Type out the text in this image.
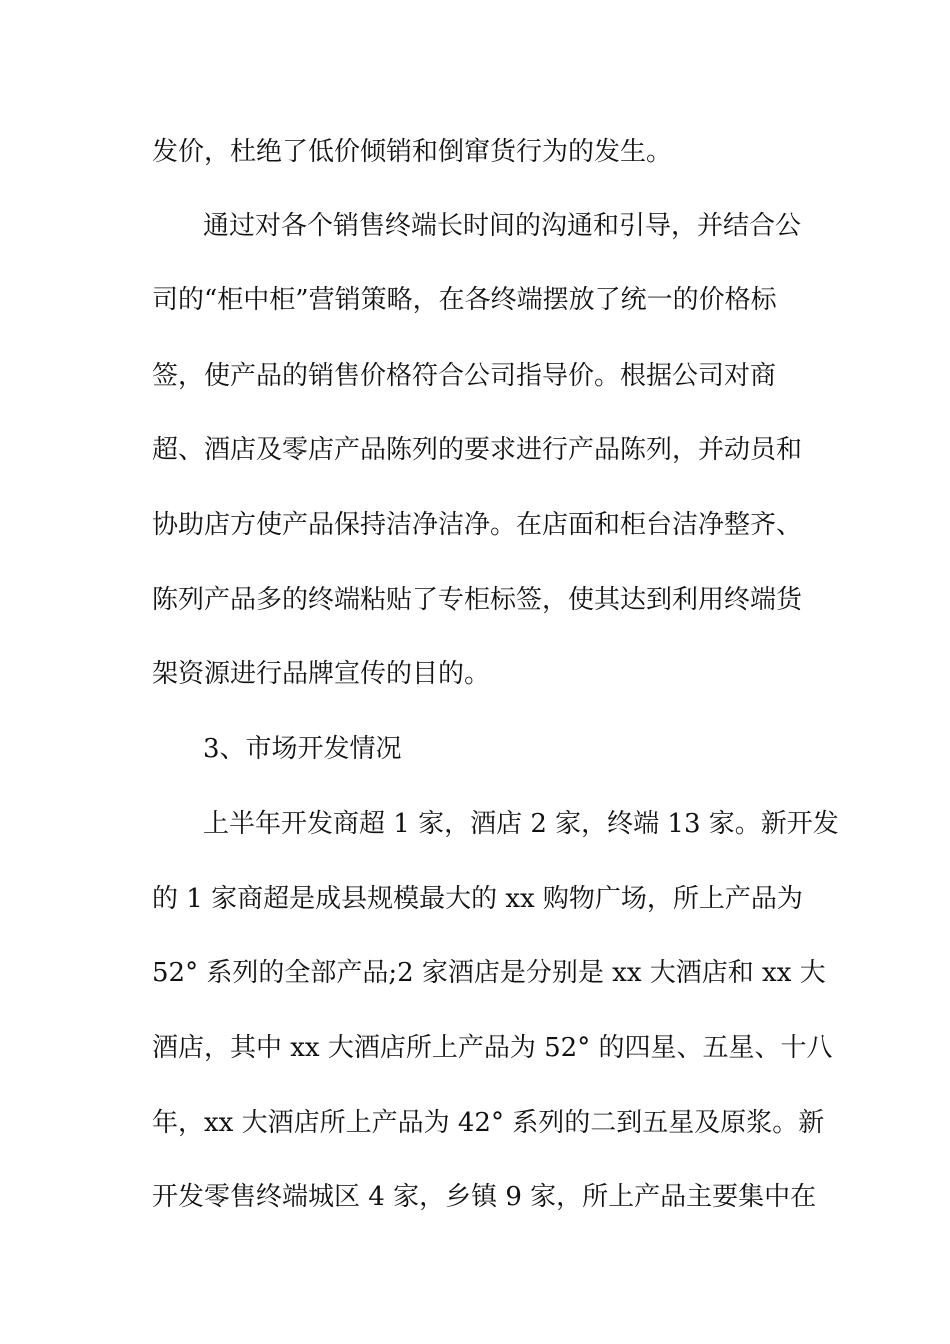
发价，杜绝了低价倾销和倒窜货行为的发生。
通过对各个销售终端长时间的沟通和引导，并结合公
司的“柜中柜”营销策略，在各终端摆放了统一的价格标
签，使产品的销售价格符合公司指导价。根据公司对商
超、酒店及零店产品陈列的要求进行产品陈列，并动员和
协助店方使产品保持洁净洁净。在店面和柜台洁净整齐、
陈列产品多的终端粘贴了专柜标签，使其达到利用终端货
架资源进行品牌宣传的目的。
3、市场开发情况
上半年开发商超 1 家，酒店 2 家，终端 13 家。新开发
的 1 家商超是成县规模最大的 xx 购物广场，所上产品为
52° 系列的全部产品;2 家酒店是分别是 xx 大酒店和 xx 大
酒店，其中 xx 大酒店所上产品为 52° 的四星、五星、十八
年，xx 大酒店所上产品为 42° 系列的二到五星及原浆。新
开发零售终端城区 4 家，乡镇 9 家，所上产品主要集中在
